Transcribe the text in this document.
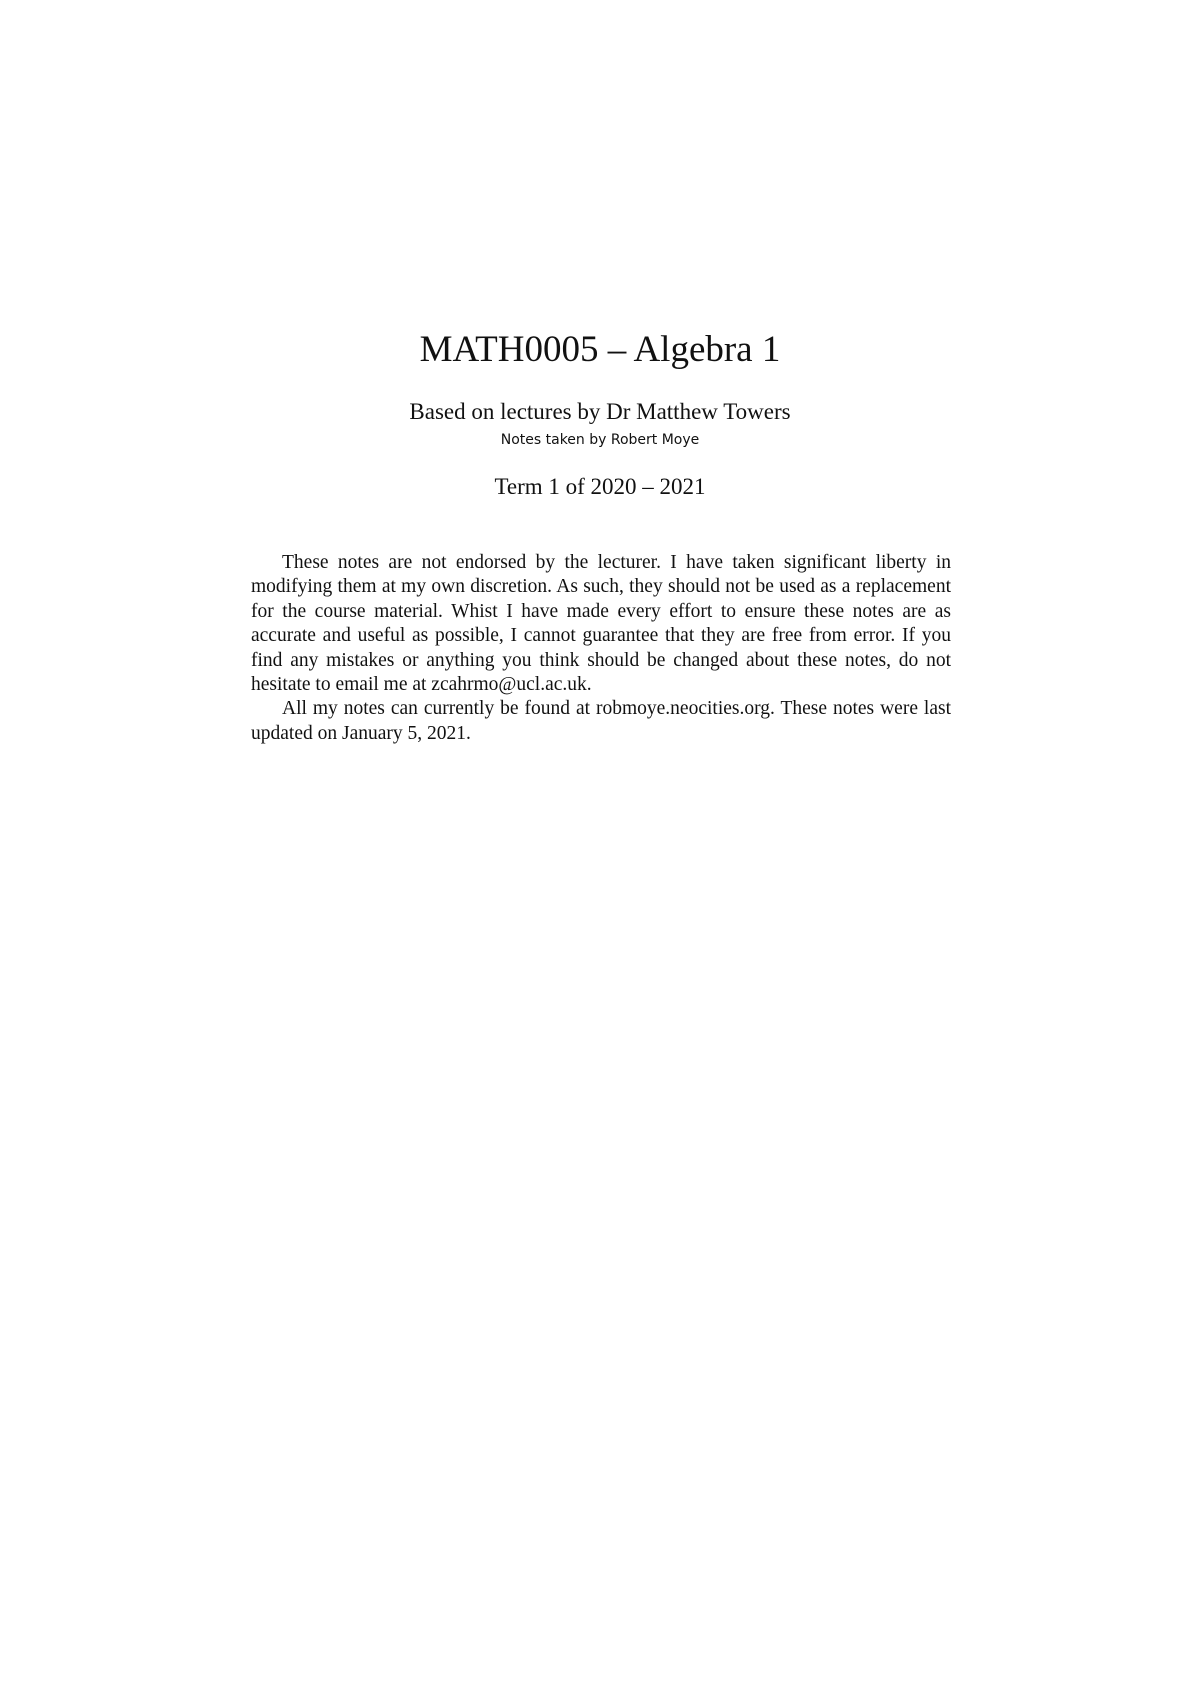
MATH0005 – Algebra 1
Based on lectures by Dr Matthew Towers
Notes taken by Robert Moye
Term 1 of 2020 – 2021

These notes are not endorsed by the lecturer. I have taken significant liberty in modifying them at my own discretion. As such, they should not be used as a replacement for the course material. Whist I have made every effort to ensure these notes are as accurate and useful as possible, I cannot guarantee that they are free from error. If you find any mistakes or anything you think should be changed about these notes, do not hesitate to email me at zcahrmo@ucl.ac.uk.

All my notes can currently be found at robmoye.neocities.org. These notes were last updated on January 5, 2021.
